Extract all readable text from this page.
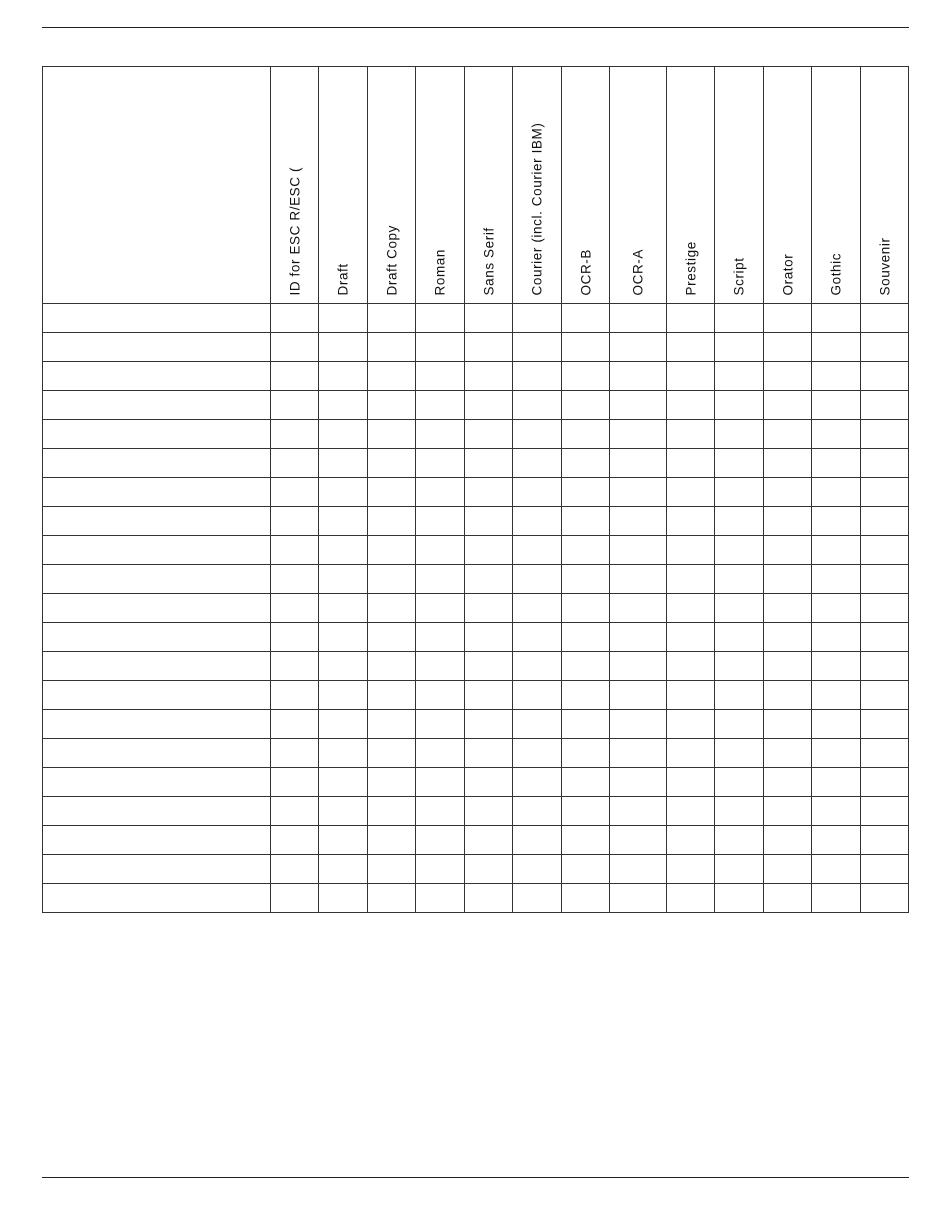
	ID for ESC R/ESC (	Draft	Draft Copy	Roman	Sans Serif	Courier (incl. Courier IBM)	OCR-B	OCR-A	Prestige	Script	Orator	Gothic	Souvenir
